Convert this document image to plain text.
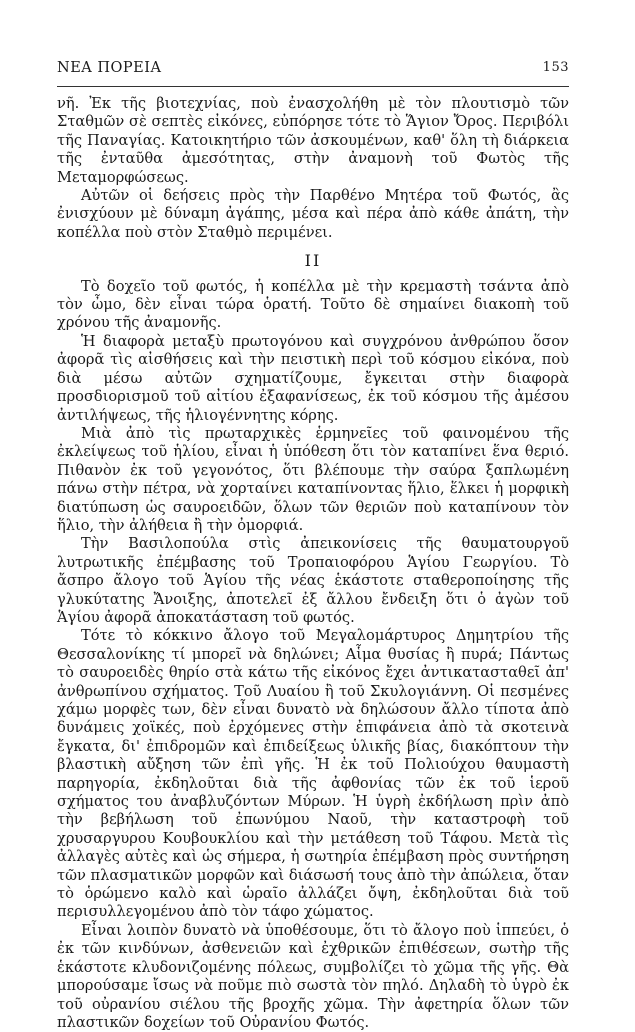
ΝΕΑ ΠΟΡΕΙΑ	153

νῆ. Ἐκ τῆς βιοτεχνίας, ποὺ ἐνασχολήθη μὲ τὸν πλουτισμὸ τῶν Σταθμῶν σὲ σεπτὲς εἰκόνες, εὐπόρησε τότε τὸ Ἅγιον Ὄρος. Περιβόλι τῆς Παναγίας. Κατοικητήριο τῶν ἀσκουμένων, καθ' ὅλη τὴ διάρκεια τῆς ἐνταῦθα ἀμεσότητας, στὴν ἀναμονὴ τοῦ Φωτὸς τῆς Μεταμορφώσεως.

Αὐτῶν οἱ δεήσεις πρὸς τὴν Παρθένο Μητέρα τοῦ Φωτός, ἂς ἐνισχύουν μὲ δύναμη ἀγάπης, μέσα καὶ πέρα ἀπὸ κάθε ἀπάτη, τὴν κοπέλλα ποὺ στὸν Σταθμὸ περιμένει.

II

Τὸ δοχεῖο τοῦ φωτός, ἡ κοπέλλα μὲ τὴν κρεμαστὴ τσάντα ἀπὸ τὸν ὦμο, δὲν εἶναι τώρα ὁρατή. Τοῦτο δὲ σημαίνει διακοπὴ τοῦ χρόνου τῆς ἀναμονῆς.

Ἡ διαφορὰ μεταξὺ πρωτογόνου καὶ συγχρόνου ἀνθρώπου ὅσον ἀφορᾶ τὶς αἰσθήσεις καὶ τὴν πειστικὴ περὶ τοῦ κόσμου εἰκόνα, ποὺ διὰ μέσω αὐτῶν σχηματίζουμε, ἔγκειται στὴν διαφορὰ προσδιορισμοῦ τοῦ αἰτίου ἐξαφανίσεως, ἐκ τοῦ κόσμου τῆς ἀμέσου ἀντιλήψεως, τῆς ἡλιογέννητης κόρης.

Μιὰ ἀπὸ τὶς πρωταρχικὲς ἑρμηνεῖες τοῦ φαινομένου τῆς ἐκλείψεως τοῦ ἡλίου, εἶναι ἡ ὑπόθεση ὅτι τὸν καταπίνει ἕνα θεριό. Πιθανὸν ἐκ τοῦ γεγονότος, ὅτι βλέπουμε τὴν σαύρα ξαπλωμένη πάνω στὴν πέτρα, νὰ χορταίνει καταπίνοντας ἥλιο, ἕλκει ἡ μορφικὴ διατύπωση ὡς σαυροειδῶν, ὅλων τῶν θεριῶν ποὺ καταπίνουν τὸν ἥλιο, τὴν ἀλήθεια ἢ τὴν ὀμορφιά.

Τὴν Βασιλοπούλα στὶς ἀπεικονίσεις τῆς θαυματουργοῦ λυτρωτικῆς ἐπέμβασης τοῦ Τροπαιοφόρου Ἁγίου Γεωργίου. Τὸ ἄσπρο ἄλογο τοῦ Ἁγίου τῆς νέας ἑκάστοτε σταθεροποίησης τῆς γλυκύτατης Ἄνοιξης, ἀποτελεῖ ἐξ ἄλλου ἔνδειξη ὅτι ὁ ἀγὼν τοῦ Ἁγίου ἀφορᾶ ἀποκατάσταση τοῦ φωτός.

Τότε τὸ κόκκινο ἄλογο τοῦ Μεγαλομάρτυρος Δημητρίου τῆς Θεσσαλονίκης τί μπορεῖ νὰ δηλώνει; Αἷμα θυσίας ἢ πυρά; Πάντως τὸ σαυροειδὲς θηρίο στὰ κάτω τῆς εἰκόνος ἔχει ἀντικατασταθεῖ ἀπ' ἀνθρωπίνου σχήματος. Τοῦ Λυαίου ἢ τοῦ Σκυλογιάννη. Οἱ πεσμένες χάμω μορφὲς των, δὲν εἶναι δυνατὸ νὰ δηλώσουν ἄλλο τίποτα ἀπὸ δυνάμεις χοϊκές, ποὺ ἐρχόμενες στὴν ἐπιφάνεια ἀπὸ τὰ σκοτεινὰ ἔγκατα, δι' ἐπιδρομῶν καὶ ἐπιδείξεως ὑλικῆς βίας, διακόπτουν τὴν βλαστικὴ αὔξηση τῶν ἐπὶ γῆς. Ἡ ἐκ τοῦ Πολιούχου θαυμαστὴ παρηγορία, ἐκδηλοῦται διὰ τῆς ἀφθονίας τῶν ἐκ τοῦ ἱεροῦ σχήματος του ἀναβλυζόντων Μύρων. Ἡ ὑγρὴ ἐκδήλωση πρὶν ἀπὸ τὴν βεβήλωση τοῦ ἐπωνύμου Ναοῦ, τὴν καταστροφὴ τοῦ χρυσαργυρου Κουβουκλίου καὶ τὴν μετάθεση τοῦ Τάφου. Μετὰ τὶς ἀλλαγὲς αὐτὲς καὶ ὡς σήμερα, ἡ σωτηρία ἐπέμβαση πρὸς συντήρηση τῶν πλασματικῶν μορφῶν καὶ διάσωσή τους ἀπὸ τὴν ἀπώλεια, ὅταν τὸ ὁρώμενο καλὸ καὶ ὡραῖο ἀλλάζει ὄψη, ἐκδηλοῦται διὰ τοῦ περισυλλεγομένου ἀπὸ τὸν τάφο χώματος.

Εἶναι λοιπὸν δυνατὸ νὰ ὑποθέσουμε, ὅτι τὸ ἄλογο ποὺ ἱππεύει, ὁ ἐκ τῶν κινδύνων, ἀσθενειῶν καὶ ἐχθρικῶν ἐπιθέσεων, σωτὴρ τῆς ἑκάστοτε κλυδονιζομένης πόλεως, συμβολίζει τὸ χῶμα τῆς γῆς. Θὰ μπορούσαμε ἴσως νὰ ποῦμε πιὸ σωστὰ τὸν πηλό. Δηλαδὴ τὸ ὑγρὸ ἐκ τοῦ οὐρανίου σιέλου τῆς βροχῆς χῶμα. Τὴν ἀφετηρία ὅλων τῶν πλαστικῶν δοχείων τοῦ Οὐρανίου Φωτός.
